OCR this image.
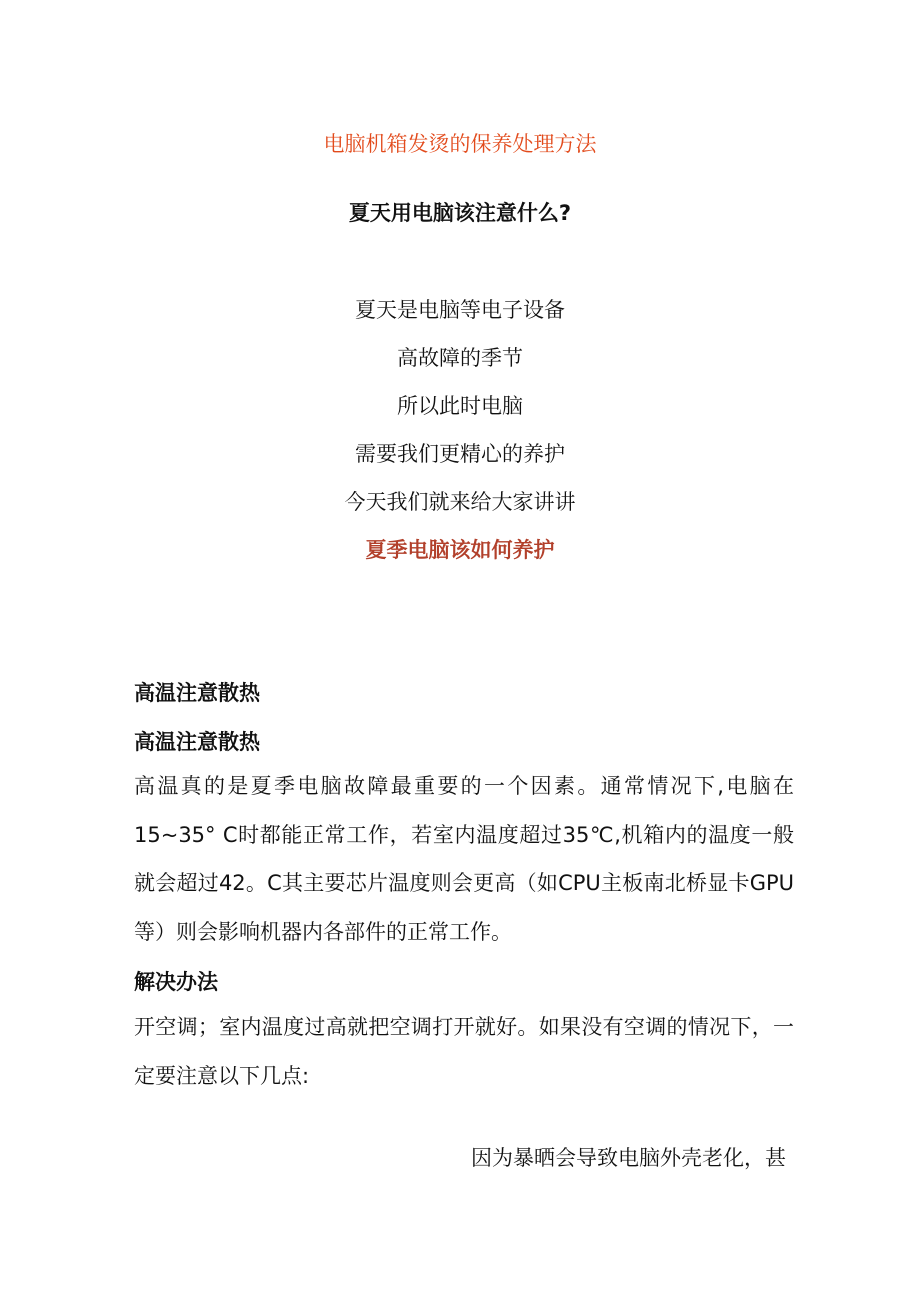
电脑机箱发烫的保养处理方法
夏天用电脑该注意什么?
夏天是电脑等电子设备
高故障的季节
所以此时电脑
需要我们更精心的养护
今天我们就来给大家讲讲
夏季电脑该如何养护
高温注意散热
高温注意散热
高温真的是夏季电脑故障最重要的一个因素。通常情况下,电脑在15~35° C时都能正常工作，若室内温度超过35℃,机箱内的温度一般就会超过42。C其主要芯片温度则会更高（如CPU主板南北桥显卡GPU等）则会影响机器内各部件的正常工作。
解决办法
开空调；室内温度过高就把空调打开就好。如果没有空调的情况下，一定要注意以下几点:
因为暴晒会导致电脑外壳老化，甚
